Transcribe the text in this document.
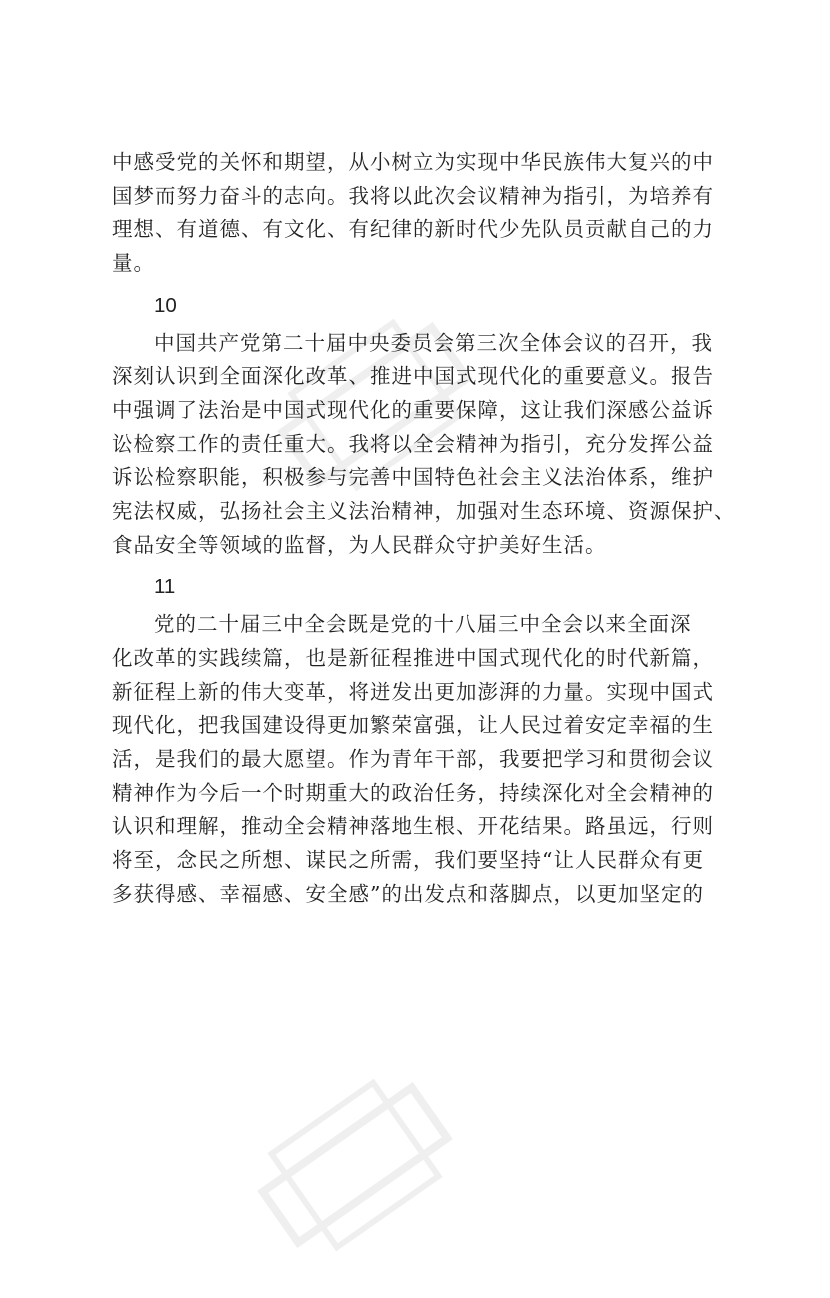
中感受党的关怀和期望，从小树立为实现中华民族伟大复兴的中
国梦而努力奋斗的志向。我将以此次会议精神为指引，为培养有
理想、有道德、有文化、有纪律的新时代少先队员贡献自己的力
量。

10

中国共产党第二十届中央委员会第三次全体会议的召开，我
深刻认识到全面深化改革、推进中国式现代化的重要意义。报告
中强调了法治是中国式现代化的重要保障，这让我们深感公益诉
讼检察工作的责任重大。我将以全会精神为指引，充分发挥公益
诉讼检察职能，积极参与完善中国特色社会主义法治体系，维护
宪法权威，弘扬社会主义法治精神，加强对生态环境、资源保护、
食品安全等领域的监督，为人民群众守护美好生活。

11

党的二十届三中全会既是党的十八届三中全会以来全面深
化改革的实践续篇，也是新征程推进中国式现代化的时代新篇，
新征程上新的伟大变革，将迸发出更加澎湃的力量。实现中国式
现代化，把我国建设得更加繁荣富强，让人民过着安定幸福的生
活，是我们的最大愿望。作为青年干部，我要把学习和贯彻会议
精神作为今后一个时期重大的政治任务，持续深化对全会精神的
认识和理解，推动全会精神落地生根、开花结果。路虽远，行则
将至，念民之所想、谋民之所需，我们要坚持“让人民群众有更
多获得感、幸福感、安全感”的出发点和落脚点，以更加坚定的
